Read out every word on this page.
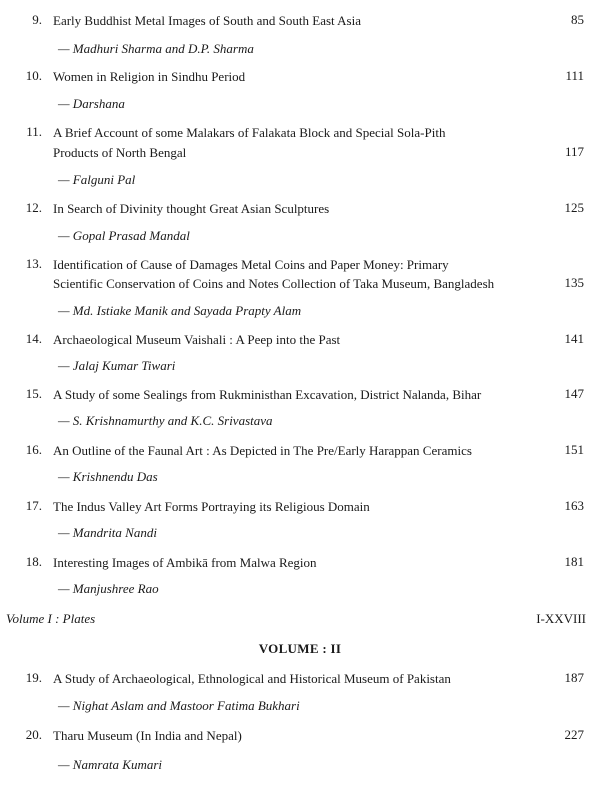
9. Early Buddhist Metal Images of South and South East Asia	85
— Madhuri Sharma and D.P. Sharma
10. Women in Religion in Sindhu Period	111
— Darshana
11. A Brief Account of some Malakars of Falakata Block and Special Sola-Pith
Products of North Bengal	117
— Falguni Pal
12. In Search of Divinity thought Great Asian Sculptures	125
— Gopal Prasad Mandal
13. Identification of Cause of Damages Metal Coins and Paper Money: Primary
Scientific Conservation of Coins and Notes Collection of Taka Museum, Bangladesh	135
— Md. Istiake Manik and Sayada Prapty Alam
14. Archaeological Museum Vaishali : A Peep into the Past	141
— Jalaj Kumar Tiwari
15. A Study of some Sealings from Rukministhan Excavation, District Nalanda, Bihar	147
— S. Krishnamurthy and K.C. Srivastava
16. An Outline of the Faunal Art : As Depicted in The Pre/Early Harappan Ceramics	151
— Krishnendu Das
17. The Indus Valley Art Forms Portraying its Religious Domain	163
— Mandrita Nandi
18. Interesting Images of Ambikā from Malwa Region	181
— Manjushree Rao
Volume I : Plates	I-XXVIII
VOLUME : II
19. A Study of Archaeological, Ethnological and Historical Museum of Pakistan	187
— Nighat Aslam and Mastoor Fatima Bukhari
20. Tharu Museum (In India and Nepal)	227
— Namrata Kumari
